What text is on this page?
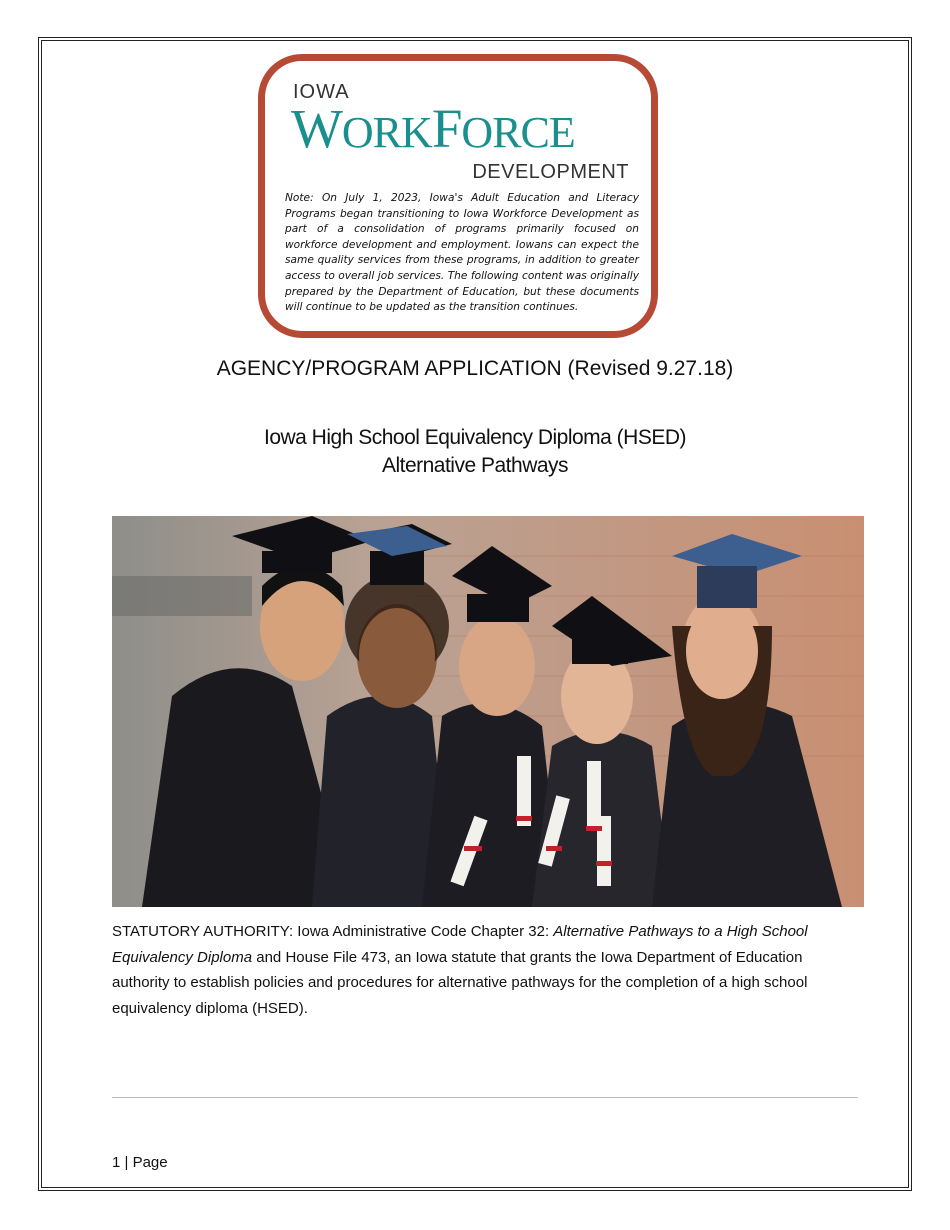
IOWA
WORKFORCE
DEVELOPMENT
Note: On July 1, 2023, Iowa's Adult Education and Literacy Programs began transitioning to Iowa Workforce Development as part of a consolidation of programs primarily focused on workforce development and employment. Iowans can expect the same quality services from these programs, in addition to greater access to overall job services. The following content was originally prepared by the Department of Education, but these documents will continue to be updated as the transition continues.
AGENCY/PROGRAM APPLICATION (Revised 9.27.18)
Iowa High School Equivalency Diploma (HSED)
Alternative Pathways
STATUTORY AUTHORITY: Iowa Administrative Code Chapter 32: Alternative Pathways to a High School Equivalency Diploma and House File 473, an Iowa statute that grants the Iowa Department of Education authority to establish policies and procedures for alternative pathways for the completion of a high school equivalency diploma (HSED).
1 | Page
